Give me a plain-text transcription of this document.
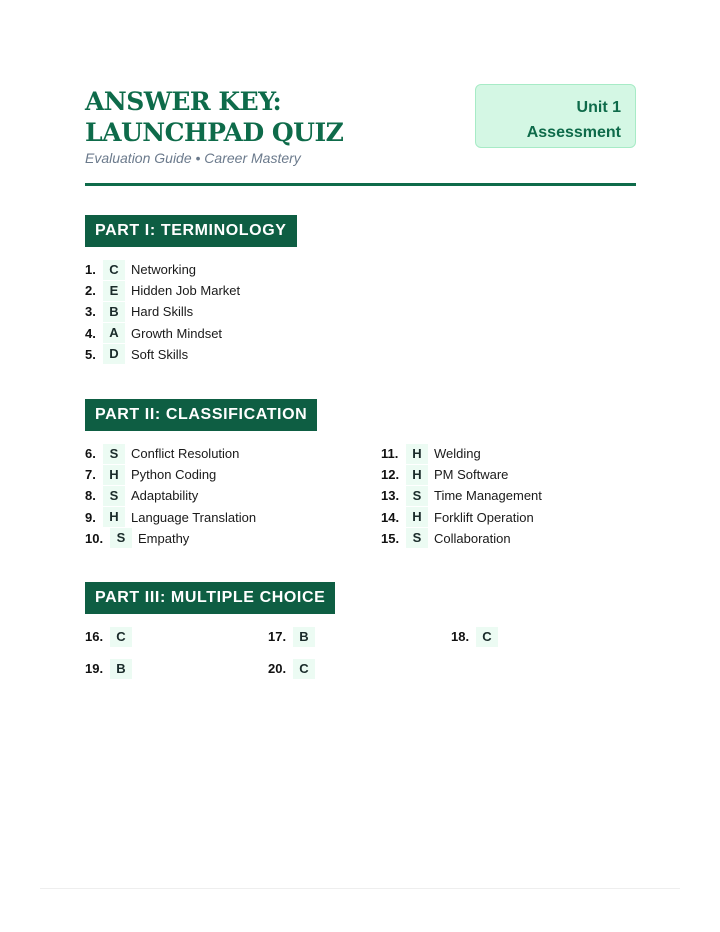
ANSWER KEY: LAUNCHPAD QUIZ
Evaluation Guide • Career Mastery
Unit 1
Assessment
PART I: TERMINOLOGY
1.	C Networking
2.	E Hidden Job Market
3.	B Hard Skills
4.	A Growth Mindset
5.	D Soft Skills
PART II: CLASSIFICATION
6.	S Conflict Resolution
7.	H Python Coding
8.	S Adaptability
9.	H Language Translation
10.	S Empathy
11.	H Welding
12.	H PM Software
13.	S Time Management
14.	H Forklift Operation
15.	S Collaboration
PART III: MULTIPLE CHOICE
16.	C	17.	B	18.	C
19.	B	20.	C
